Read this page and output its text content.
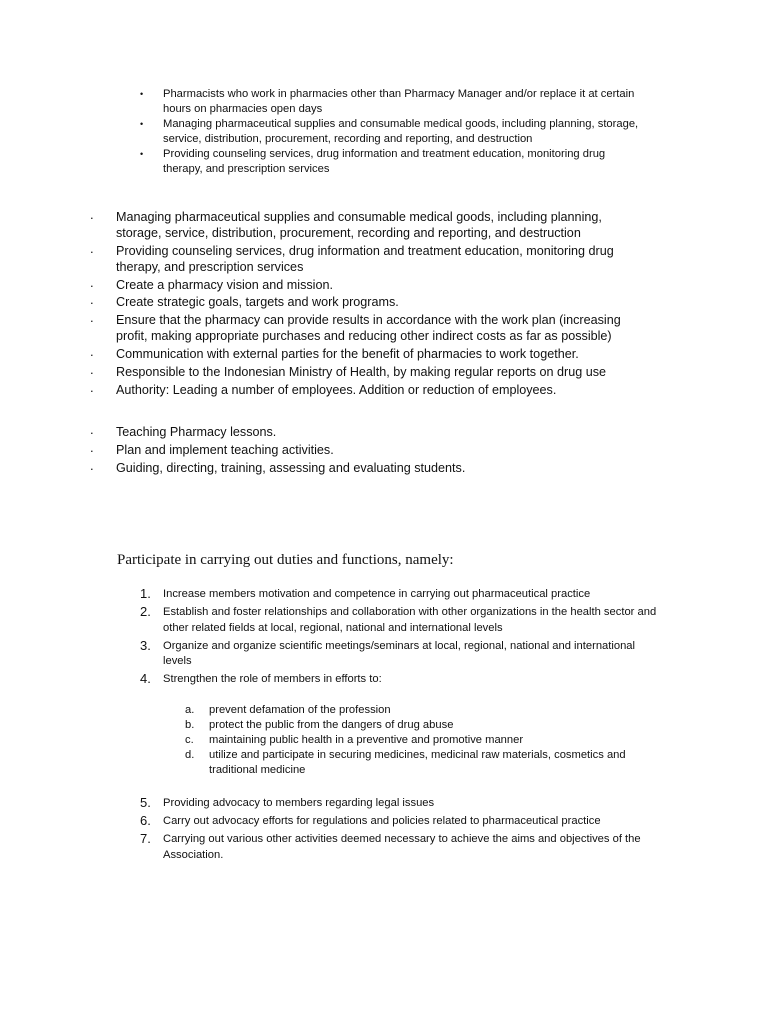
• Pharmacists who work in pharmacies other than Pharmacy Manager and/or replace it at certain hours on pharmacies open days
• Managing pharmaceutical supplies and consumable medical goods, including planning, storage, service, distribution, procurement, recording and reporting, and destruction
• Providing counseling services, drug information and treatment education, monitoring drug therapy, and prescription services
. Managing pharmaceutical supplies and consumable medical goods, including planning, storage, service, distribution, procurement, recording and reporting, and destruction
. Providing counseling services, drug information and treatment education, monitoring drug therapy, and prescription services
. Create a pharmacy vision and mission.
. Create strategic goals, targets and work programs.
. Ensure that the pharmacy can provide results in accordance with the work plan (increasing profit, making appropriate purchases and reducing other indirect costs as far as possible)
. Communication with external parties for the benefit of pharmacies to work together.
. Responsible to the Indonesian Ministry of Health, by making regular reports on drug use
. Authority: Leading a number of employees. Addition or reduction of employees.
. Teaching Pharmacy lessons.
. Plan and implement teaching activities.
. Guiding, directing, training, assessing and evaluating students.
Participate in carrying out duties and functions, namely:
1. Increase members motivation and competence in carrying out pharmaceutical practice
2. Establish and foster relationships and collaboration with other organizations in the health sector and other related fields at local, regional, national and international levels
3. Organize and organize scientific meetings/seminars at local, regional, national and international levels
4. Strengthen the role of members in efforts to:
a. prevent defamation of the profession
b. protect the public from the dangers of drug abuse
c. maintaining public health in a preventive and promotive manner
d. utilize and participate in securing medicines, medicinal raw materials, cosmetics and traditional medicine
5. Providing advocacy to members regarding legal issues
6. Carry out advocacy efforts for regulations and policies related to pharmaceutical practice
7. Carrying out various other activities deemed necessary to achieve the aims and objectives of the Association.
